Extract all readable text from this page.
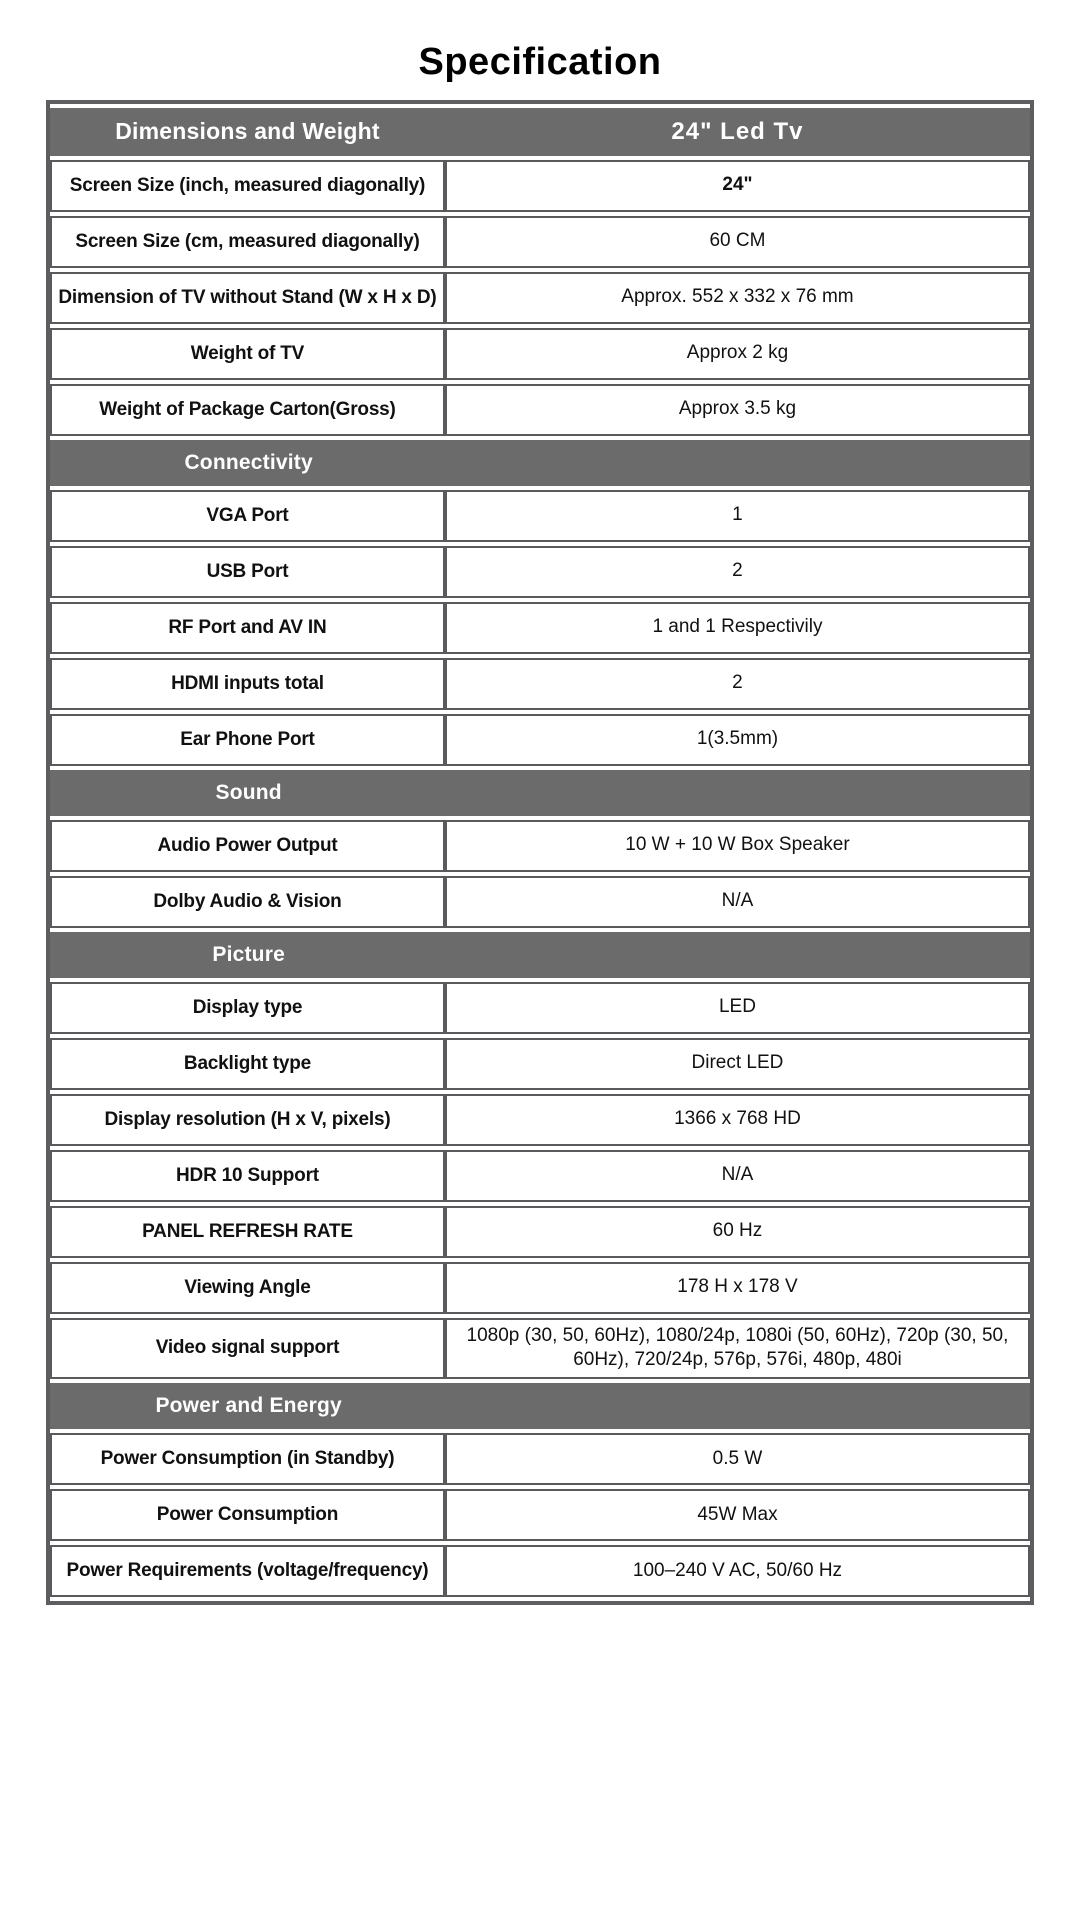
Specification
Dimensions and Weight	24" Led Tv
Screen Size (inch, measured diagonally)	24"
Screen Size (cm, measured diagonally)	60 CM
Dimension of TV without Stand (W x H x D)	Approx. 552 x 332 x 76 mm
Weight of TV	Approx 2 kg
Weight of Package Carton(Gross)	Approx 3.5 kg

Connectivity	

VGA Port	1
USB Port	2
RF Port and AV IN	1 and 1 Respectivily
HDMI inputs total	2
Ear Phone Port	1(3.5mm)

Sound	

Audio Power Output	10 W + 10 W Box Speaker
Dolby Audio & Vision	N/A

Picture	

Display type	LED
Backlight type	Direct LED
Display resolution (H x V, pixels)	1366 x 768 HD
HDR 10 Support	N/A
PANEL REFRESH RATE	60 Hz
Viewing Angle	178 H x 178 V
Video signal support	1080p (30, 50, 60Hz), 1080/24p, 1080i (50, 60Hz), 720p (30, 50, 60Hz), 720/24p, 576p, 576i, 480p, 480i

Power and Energy	

Power Consumption (in Standby)	0.5 W
Power Consumption	45W Max
Power Requirements (voltage/frequency)	100–240 V AC, 50/60 Hz
